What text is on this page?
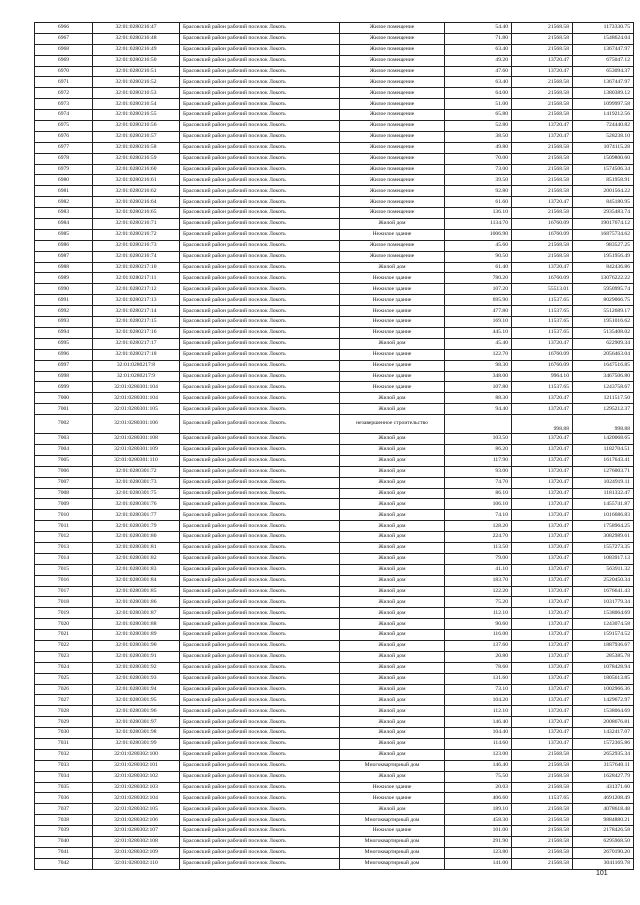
6966	32:01:0280216:47	Брасовский район рабочий поселок Локоть	Жилое помещение	54.40	21568.58	1173330.75
6967	32:01:0280216:48	Брасовский район рабочий поселок Локоть	Жилое помещение	71.80	21568.58	1548624.04
6968	32:01:0280216:49	Брасовский район рабочий поселок Локоть	Жилое помещение	63.40	21568.58	1367447.97
6969	32:01:0280216:50	Брасовский район рабочий поселок Локоть	Жилое помещение	49.20	13720.47	675047.12
6970	32:01:0280216:51	Брасовский район рабочий поселок Локоть	Жилое помещение	47.60	13720.47	653094.37
6971	32:01:0280216:52	Брасовский район рабочий поселок Локоть	Жилое помещение	63.40	21568.58	1367447.97
6972	32:01:0280216:53	Брасовский район рабочий поселок Локоть	Жилое помещение	64.00	21568.58	1380389.12
6973	32:01:0280216:54	Брасовский район рабочий поселок Локоть	Жилое помещение	51.00	21568.58	1099997.58
6974	32:01:0280216:55	Брасовский район рабочий поселок Локоть	Жилое помещение	65.80	21568.58	1419212.56
6975	32:01:0280216:56	Брасовский район рабочий поселок Локоть	Жилое помещение	52.80	13720.47	724440.82
6976	32:01:0280216:57	Брасовский район рабочий поселок Локоть	Жилое помещение	38.50	13720.47	528238.10
6977	32:01:0280216:58	Брасовский район рабочий поселок Локоть	Жилое помещение	49.80	21568.58	1074115.28
6978	32:01:0280216:59	Брасовский район рабочий поселок Локоть	Жилое помещение	70.00	21568.58	1509800.60
6979	32:01:0280216:60	Брасовский район рабочий поселок Локоть	Жилое помещение	73.00	21568.58	1574506.34
6980	32:01:0280216:61	Брасовский район рабочий поселок Локоть	Жилое помещение	39.50	21568.58	851958.91
6981	32:01:0280216:62	Брасовский район рабочий поселок Локоть	Жилое помещение	92.80	21568.58	2001564.22
6982	32:01:0280216:64	Брасовский район рабочий поселок Локоть	Жилое помещение	61.60	13720.47	845180.95
6983	32:01:0280216:65	Брасовский район рабочий поселок Локоть	Жилое помещение	136.10	21568.58	2935483.74
6984	32:01:0280216:71	Брасовский район рабочий поселок Локоть	Жилой дом	1134.70	16760.09	19017674.12
6985	32:01:0280216:72	Брасовский район рабочий поселок Локоть	Нежилое здание	1006.90	16760.09	16875734.62
6986	32:01:0280216:73	Брасовский район рабочий поселок Локоть	Жилое помещение	45.60	21568.58	983527.25
6987	32:01:0280216:74	Брасовский район рабочий поселок Локоть	Жилое помещение	90.50	21568.58	1951956.49
6988	32:01:0280217:10	Брасовский район рабочий поселок Локоть	Жилой дом	61.40	13720.47	842436.86
6989	32:01:0280217:11	Брасовский район рабочий поселок Локоть	Нежилое здание	780.20	16760.09	13076222.22
6990	32:01:0280217:12	Брасовский район рабочий поселок Локоть	Нежилое здание	107.20	55513.01	5950995.74
6991	32:01:0280217:13	Брасовский район рабочий поселок Локоть	Нежилое здание	695.90	11537.65	8029066.75
6992	32:01:0280217:14	Брасовский район рабочий поселок Локоть	Нежилое здание	477.80	11537.65	5512689.17
6993	32:01:0280217:15	Брасовский район рабочий поселок Локоть	Нежилое здание	169.10	11537.65	1951016.62
6994	32:01:0280217:16	Брасовский район рабочий поселок Локоть	Нежилое здание	445.10	11537.65	5135408.02
6995	32:01:0280217:17	Брасовский район рабочий поселок Локоть	Жилой дом	45.40	13720.47	622909.34
6996	32:01:0280217:18	Брасовский район рабочий поселок Локоть	Нежилое здание	122.70	16760.09	2056463.04
6997	32:01:0280217:8	Брасовский район рабочий поселок Локоть	Нежилое здание	98.30	16760.09	1647516.85
6998	32:01:0280217:9	Брасовский район рабочий поселок Локоть	Нежилое здание	348.00	9964.10	3467506.80
6999	32:01:0280301:104	Брасовский район рабочий поселок Локоть	Нежилое здание	107.80	11537.65	1243758.67
7000	32:01:0280301:104	Брасовский район рабочий поселок Локоть	Жилой дом	88.30	13720.47	1211517.50
7001	32:01:0280301:105	Брасовский район рабочий поселок Локоть	Жилой дом	94.40	13720.47	1295212.37
7002	32:01:0280301:106	Брасовский район рабочий поселок Локоть	незавершенное строительство		998.88	998.88
7003	32:01:0280301:108	Брасовский район рабочий поселок Локоть	Жилой дом	103.50	13720.47	1420068.65
7004	32:01:0280301:109	Брасовский район рабочий поселок Локоть	Жилой дом	86.20	13720.47	1182704.51
7005	32:01:0280301:110	Брасовский район рабочий поселок Локоть	Жилой дом	117.90	13720.47	1617643.41
7006	32:01:0280301:72	Брасовский район рабочий поселок Локоть	Жилой дом	93.00	13720.47	1276003.71
7007	32:01:0280301:73	Брасовский район рабочий поселок Локоть	Жилой дом	74.70	13720.47	1024919.11
7008	32:01:0280301:75	Брасовский район рабочий поселок Локоть	Жилой дом	86.10	13720.47	1181332.47
7009	32:01:0280301:76	Брасовский район рабочий поселок Локоть	Жилой дом	106.10	13720.47	1455741.87
7010	32:01:0280301:77	Брасовский район рабочий поселок Локоть	Жилой дом	74.10	13720.47	1016686.83
7011	32:01:0280301:79	Брасовский район рабочий поселок Локоть	Жилой дом	128.20	13720.47	1758964.25
7012	32:01:0280301:80	Брасовский район рабочий поселок Локоть	Жилой дом	224.70	13720.47	3082989.61
7013	32:01:0280301:81	Брасовский район рабочий поселок Локоть	Жилой дом	113.50	13720.47	1557273.35
7014	32:01:0280301:82	Брасовский район рабочий поселок Локоть	Жилой дом	79.00	13720.47	1083917.13
7015	32:01:0280301:83	Брасовский район рабочий поселок Локоть	Жилой дом	41.10	13720.47	563911.32
7016	32:01:0280301:84	Брасовский район рабочий поселок Локоть	Жилой дом	183.70	13720.47	2520450.34
7017	32:01:0280301:85	Брасовский район рабочий поселок Локоть	Жилой дом	122.20	13720.47	1676641.43
7018	32:01:0280301:86	Брасовский район рабочий поселок Локоть	Жилой дом	75.20	13720.47	1031779.34
7019	32:01:0280301:87	Брасовский район рабочий поселок Локоть	Жилой дом	112.10	13720.47	1538064.69
7020	32:01:0280301:88	Брасовский район рабочий поселок Локоть	Жилой дом	90.60	13720.47	1243074.58
7021	32:01:0280301:89	Брасовский район рабочий поселок Локоть	Жилой дом	116.00	13720.47	1591574.52
7022	32:01:0280301:90	Брасовский район рабочий поселок Локоть	Жилой дом	137.60	13720.47	1887936.67
7023	32:01:0280301:91	Брасовский район рабочий поселок Локоть	Жилой дом	20.80	13720.47	285385.78
7024	32:01:0280301:92	Брасовский район рабочий поселок Локоть	Жилой дом	78.60	13720.47	1078428.94
7025	32:01:0280301:93	Брасовский район рабочий поселок Локоть	Жилой дом	131.60	13720.47	1805613.85
7026	32:01:0280301:94	Брасовский район рабочий поселок Локоть	Жилой дом	73.10	13720.47	1002966.36
7027	32:01:0280301:95	Брасовский район рабочий поселок Локоть	Жилой дом	104.20	13720.47	1429672.97
7028	32:01:0280301:96	Брасовский район рабочий поселок Локоть	Жилой дом	112.10	13720.47	1538064.69
7029	32:01:0280301:97	Брасовский район рабочий поселок Локоть	Жилой дом	146.40	13720.47	2008676.81
7030	32:01:0280301:98	Брасовский район рабочий поселок Локоть	Жилой дом	104.40	13720.47	1432417.07
7031	32:01:0280301:99	Брасовский район рабочий поселок Локоть	Жилой дом	114.60	13720.47	1572365.86
7032	32:01:0280302:100	Брасовский район рабочий поселок Локоть	Жилой дом	123.00	21568.58	2652935.34
7033	32:01:0280302:101	Брасовский район рабочий поселок Локоть	Многоквартирный дом	146.40	21568.58	3157640.11
7034	32:01:0280302:102	Брасовский район рабочий поселок Локоть	Жилой дом	75.50	21568.58	1628427.79
7035	32:01:0280302:103	Брасовский район рабочий поселок Локоть	Нежилое здание	20.03	21568.58	431371.60
7036	32:01:0280302:104	Брасовский район рабочий поселок Локоть	Нежилое здание	406.60	11537.65	4691208.49
7037	32:01:0280302:105	Брасовский район рабочий поселок Локоть	Жилой дом	189.10	21568.58	4078618.48
7038	32:01:0280302:106	Брасовский район рабочий поселок Локоть	Многоквартирный дом	458.30	21568.58	9884880.21
7039	32:01:0280302:107	Брасовский район рабочий поселок Локоть	Нежилое здание	101.00	21568.58	2178426.58
7040	32:01:0280302:108	Брасовский район рабочий поселок Локоть	Многоквартирный дом	291.90	21568.58	6295968.50
7041	32:01:0280302:109	Брасовский район рабочий поселок Локоть	Многоквартирный дом	123.80	21568.58	2670190.20
7042	32:01:0280302:110	Брасовский район рабочий поселок Локоть	Многоквартирный дом	141.00	21568.58	3041169.78
101
